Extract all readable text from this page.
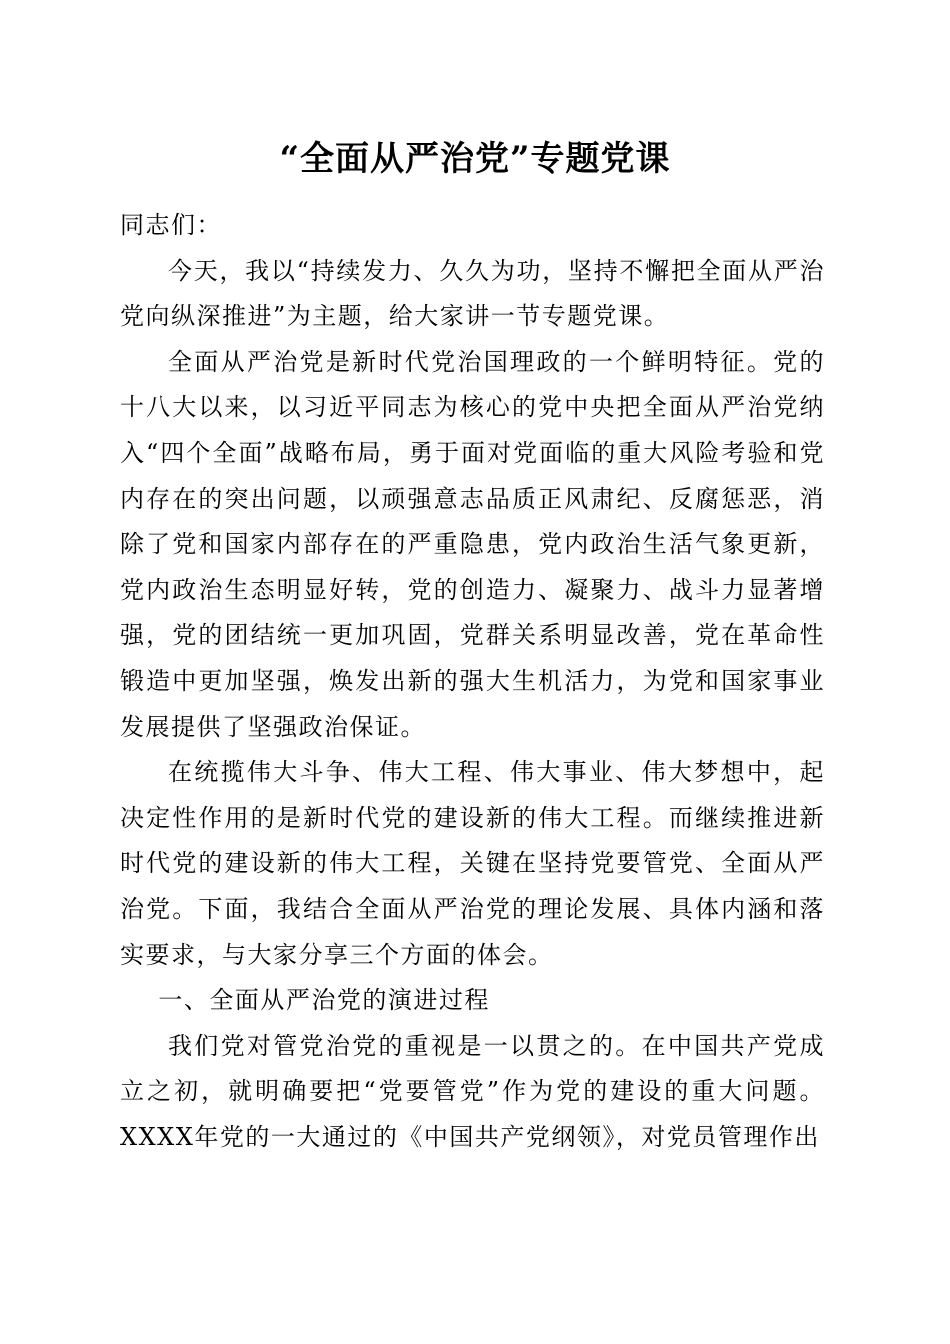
“全面从严治党”专题党课

同志们：

今天，我以“持续发力、久久为功，坚持不懈把全面从严治党向纵深推进”为主题，给大家讲一节专题党课。

全面从严治党是新时代党治国理政的一个鲜明特征。党的十八大以来，以习近平同志为核心的党中央把全面从严治党纳入“四个全面”战略布局，勇于面对党面临的重大风险考验和党内存在的突出问题，以顽强意志品质正风肃纪、反腐惩恶，消除了党和国家内部存在的严重隐患，党内政治生活气象更新，党内政治生态明显好转，党的创造力、凝聚力、战斗力显著增强，党的团结统一更加巩固，党群关系明显改善，党在革命性锻造中更加坚强，焕发出新的强大生机活力，为党和国家事业发展提供了坚强政治保证。

在统揽伟大斗争、伟大工程、伟大事业、伟大梦想中，起决定性作用的是新时代党的建设新的伟大工程。而继续推进新时代党的建设新的伟大工程，关键在坚持党要管党、全面从严治党。下面，我结合全面从严治党的理论发展、具体内涵和落实要求，与大家分享三个方面的体会。

一、全面从严治党的演进过程

我们党对管党治党的重视是一以贯之的。在中国共产党成立之初，就明确要把“党要管党”作为党的建设的重大问题。XXXX年党的一大通过的《中国共产党纲领》，对党员管理作出
